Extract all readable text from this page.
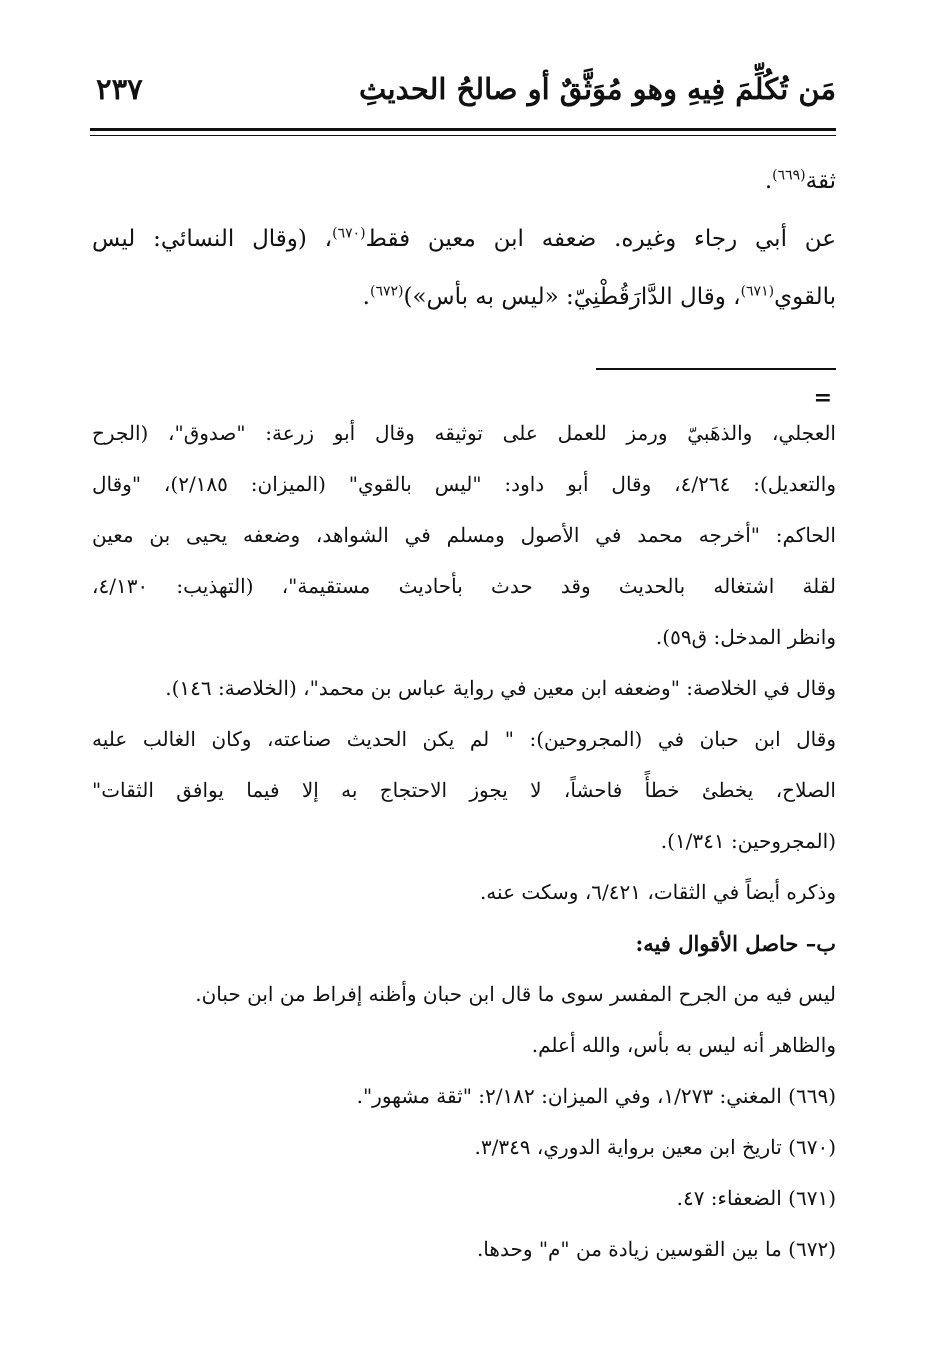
مَن تُكُلِّمَ فِيهِ وهو مُوَثَّقٌ أو صالحُ الحديثِ
٢٣٧
ثقة$^{(٦٦٩)}$.
عن أبي رجاء وغيره. ضعفه ابن معين فقط$^{(٦٧٠)}$، (وقال النسائي: ليس
بالقوي$^{(٦٧١)}$، وقال الدَّارَقُطْنِيّ: «ليس به بأس»)$^{(٦٧٢)}$.
=
العجلي، والذهَبيّ ورمز للعمل على توثيقه وقال أبو زرعة: "صدوق"، (الجرح
والتعديل): ٤/٢٦٤، وقال أبو داود: "ليس بالقوي" (الميزان: ٢/١٨٥)، "وقال
الحاكم: "أخرجه محمد في الأصول ومسلم في الشواهد، وضعفه يحيى بن معين
لقلة اشتغاله بالحديث وقد حدث بأحاديث مستقيمة"، (التهذيب: ٤/١٣٠،
وانظر المدخل: ق٥٩).
وقال في الخلاصة: "وضعفه ابن معين في رواية عباس بن محمد"، (الخلاصة: ١٤٦).
وقال ابن حبان في (المجروحين): " لم يكن الحديث صناعته، وكان الغالب عليه
الصلاح، يخطئ خطأً فاحشاً، لا يجوز الاحتجاج به إلا فيما يوافق الثقات"
(المجروحين: ١/٣٤١).
وذكره أيضاً في الثقات، ٦/٤٢١، وسكت عنه.
ب– حاصل الأقوال فيه:
ليس فيه من الجرح المفسر سوى ما قال ابن حبان وأظنه إفراط من ابن حبان.
والظاهر أنه ليس به بأس، والله أعلم.
(٦٦٩) المغني: ١/٢٧٣، وفي الميزان: ٢/١٨٢: "ثقة مشهور".
(٦٧٠) تاريخ ابن معين برواية الدوري، ٣/٣٤٩.
(٦٧١) الضعفاء: ٤٧.
(٦٧٢) ما بين القوسين زيادة من "م" وحدها.
